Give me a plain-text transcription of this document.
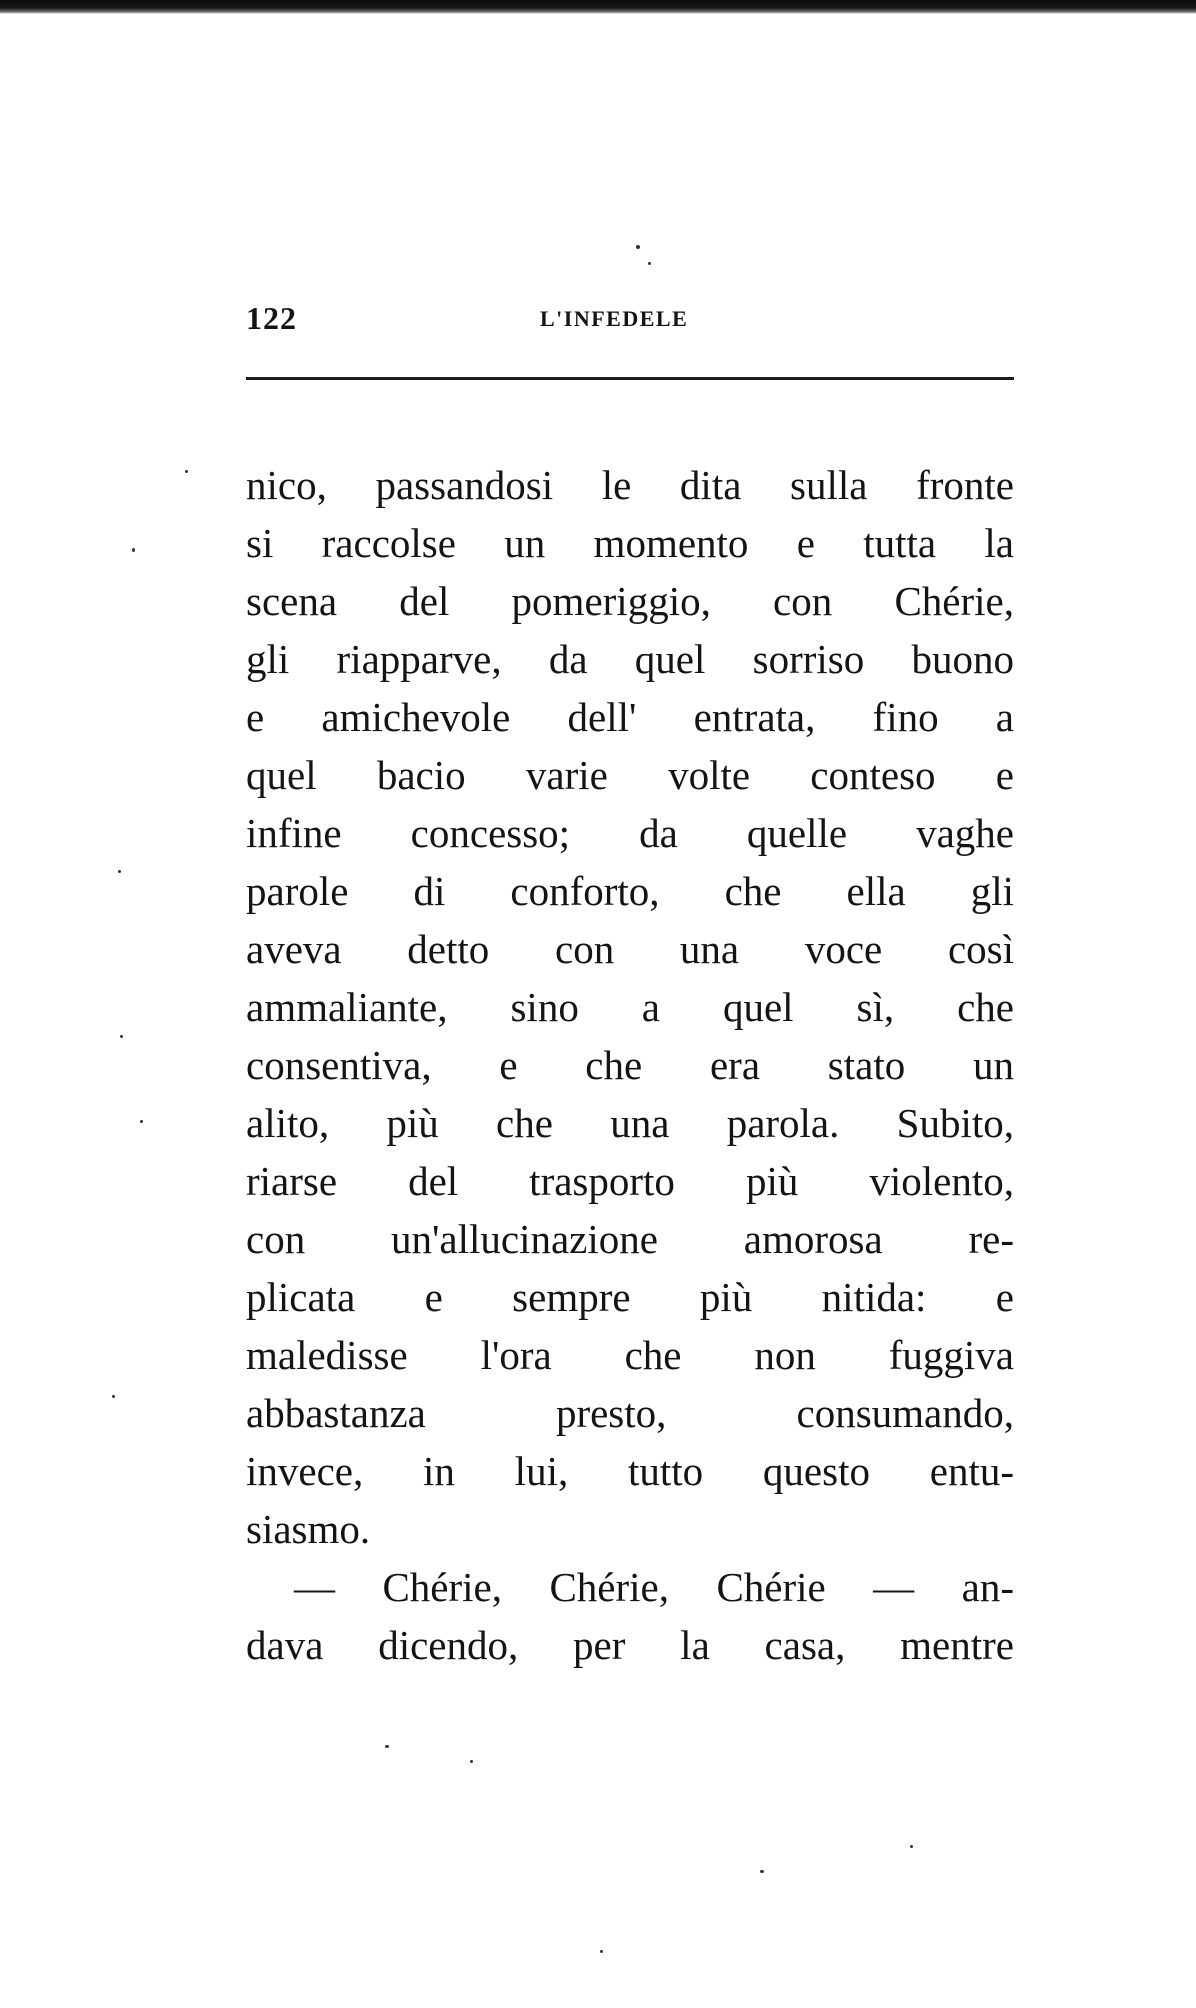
122	L'INFEDELE
nico, passandosi le dita sulla fronte
si raccolse un momento e tutta la
scena del pomeriggio, con Chérie,
gli riapparve, da quel sorriso buono
e amichevole dell' entrata, fino a
quel bacio varie volte conteso e
infine concesso; da quelle vaghe
parole di conforto, che ella gli
aveva detto con una voce così
ammaliante, sino a quel sì, che
consentiva, e che era stato un
alito, più che una parola. Subito,
riarse del trasporto più violento,
con un'allucinazione amorosa re-
plicata e sempre più nitida: e
maledisse l'ora che non fuggiva
abbastanza presto, consumando,
invece, in lui, tutto questo entu-
siasmo.
— Chérie, Chérie, Chérie — an-
dava dicendo, per la casa, mentre
